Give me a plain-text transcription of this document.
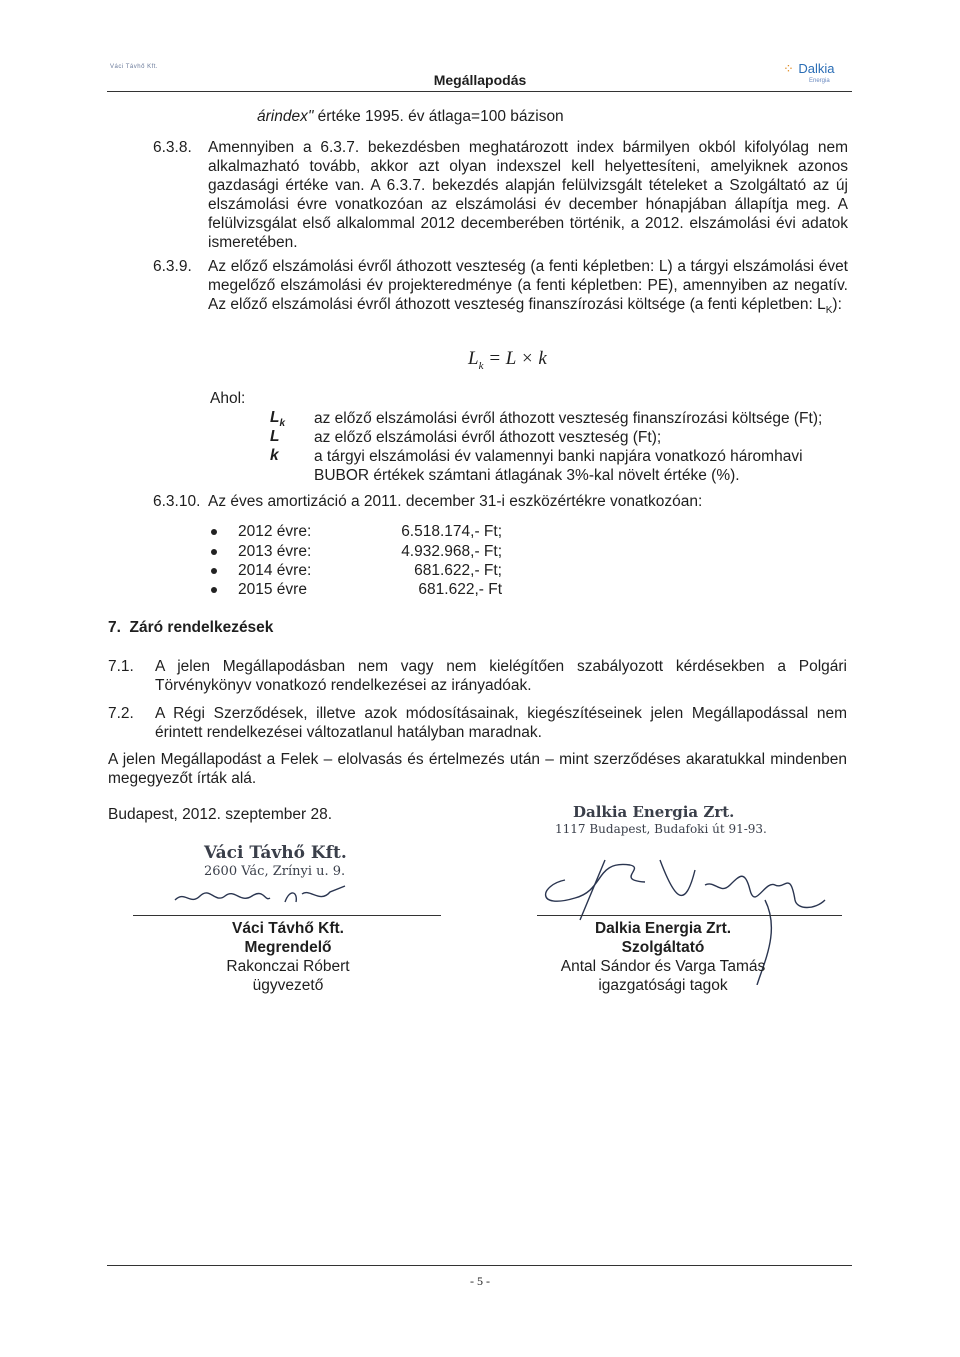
Váci Távhő Kft.
Megállapodás
⁘ Dalkia
Energia
árindex" értéke 1995. év átlaga=100 bázison
6.3.8. Amennyiben a 6.3.7. bekezdésben meghatározott index bármilyen okból kifolyólag nem alkalmazható tovább, akkor azt olyan indexszel kell helyettesíteni, amelyiknek azonos gazdasági értéke van. A 6.3.7. bekezdés alapján felülvizsgált tételeket a Szolgáltató az új elszámolási évre vonatkozóan az elszámolási év december hónapjában állapítja meg. A felülvizsgálat első alkalommal 2012 decemberében történik, a 2012. elszámolási évi adatok ismeretében.
6.3.9. Az előző elszámolási évről áthozott veszteség (a fenti képletben: L) a tárgyi elszámolási évet megelőző elszámolási év projekteredménye (a fenti képletben: PE), amennyiben az negatív. Az előző elszámolási évről áthozott veszteség finanszírozási költsége (a fenti képletben: $L_K$):
$L_k = L \times k$
Ahol:
$L_k$ az előző elszámolási évről áthozott veszteség finanszírozási költsége (Ft);
L az előző elszámolási évről áthozott veszteség (Ft);
k a tárgyi elszámolási év valamennyi banki napjára vonatkozó háromhavi BUBOR értékek számtani átlagának 3%-kal növelt értéke (%).
6.3.10. Az éves amortizáció a 2011. december 31-i eszközértékre vonatkozóan:
2012 évre:	6.518.174,- Ft;
2013 évre:	4.932.968,- Ft;
2014 évre:	681.622,- Ft;
2015 évre	681.622,- Ft
7.  Záró rendelkezések
7.1. A jelen Megállapodásban nem vagy nem kielégítően szabályozott kérdésekben a Polgári Törvénykönyv vonatkozó rendelkezései az irányadóak.
7.2. A Régi Szerződések, illetve azok módosításainak, kiegészítéseinek jelen Megállapodással nem érintett rendelkezései változatlanul hatályban maradnak.
A jelen Megállapodást a Felek – elolvasás és értelmezés után – mint szerződéses akaratukkal mindenben megegyezőt írták alá.
Budapest, 2012. szeptember 28.
Váci Távhő Kft.
2600 Vác, Zrínyi u. 9.
Dalkia Energia Zrt.
1117 Budapest, Budafoki út 91-93.
Váci Távhő Kft.
Megrendelő
Rakonczai Róbert
ügyvezető
Dalkia Energia Zrt.
Szolgáltató
Antal Sándor és Varga Tamás
igazgatósági tagok
- 5 -
